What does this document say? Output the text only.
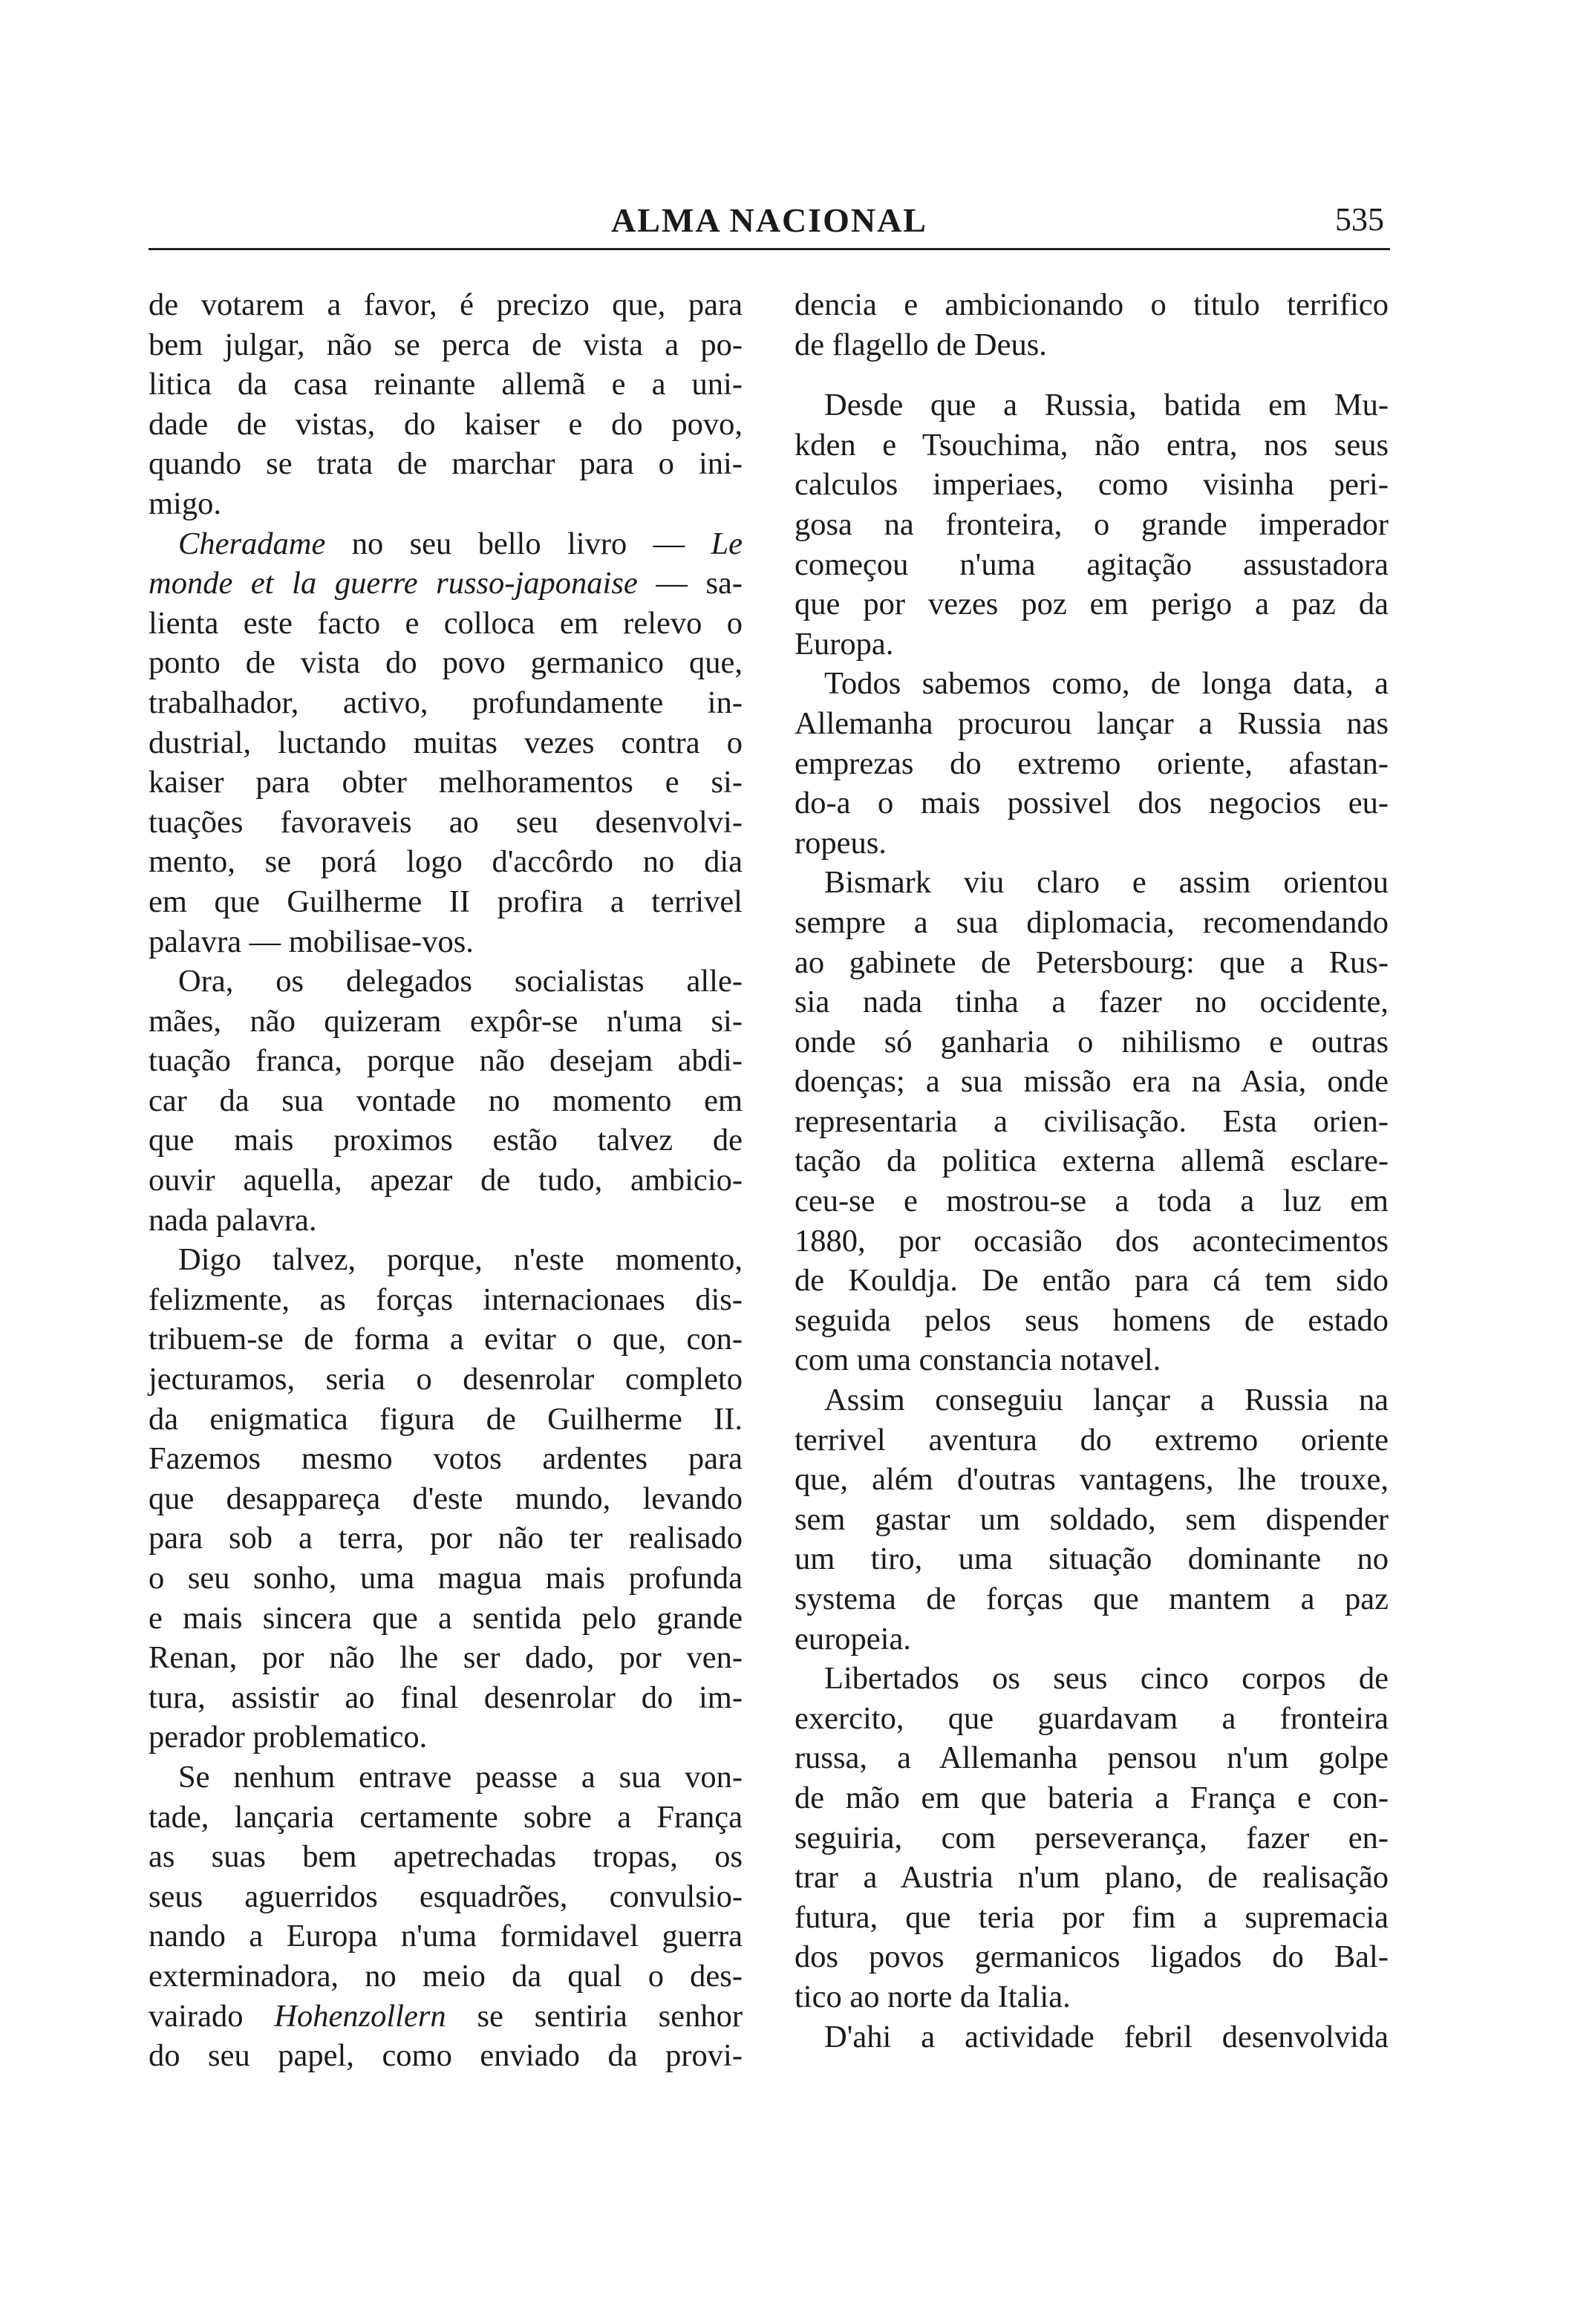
ALMA NACIONAL	535
de votarem a favor, é precizo que, para
bem julgar, não se perca de vista a po-
litica da casa reinante allemã e a uni-
dade de vistas, do kaiser e do povo,
quando se trata de marchar para o ini-
migo.
Cheradame no seu bello livro — Le
monde et la guerre russo-japonaise — sa-
lienta este facto e colloca em relevo o
ponto de vista do povo germanico que,
trabalhador, activo, profundamente in-
dustrial, luctando muitas vezes contra o
kaiser para obter melhoramentos e si-
tuações favoraveis ao seu desenvolvi-
mento, se porá logo d'accôrdo no dia
em que Guilherme II profira a terrivel
palavra — mobilisae-vos.
Ora, os delegados socialistas alle-
mães, não quizeram expôr-se n'uma si-
tuação franca, porque não desejam abdi-
car da sua vontade no momento em
que mais proximos estão talvez de
ouvir aquella, apezar de tudo, ambicio-
nada palavra.
Digo talvez, porque, n'este momento,
felizmente, as forças internacionaes dis-
tribuem-se de forma a evitar o que, con-
jecturamos, seria o desenrolar completo
da enigmatica figura de Guilherme II.
Fazemos mesmo votos ardentes para
que desappareça d'este mundo, levando
para sob a terra, por não ter realisado
o seu sonho, uma magua mais profunda
e mais sincera que a sentida pelo grande
Renan, por não lhe ser dado, por ven-
tura, assistir ao final desenrolar do im-
perador problematico.
Se nenhum entrave peasse a sua von-
tade, lançaria certamente sobre a França
as suas bem apetrechadas tropas, os
seus aguerridos esquadrões, convulsio-
nando a Europa n'uma formidavel guerra
exterminadora, no meio da qual o des-
vairado Hohenzollern se sentiria senhor
do seu papel, como enviado da provi-
dencia e ambicionando o titulo terrifico
de flagello de Deus.
Desde que a Russia, batida em Mu-
kden e Tsouchima, não entra, nos seus
calculos imperiaes, como visinha peri-
gosa na fronteira, o grande imperador
começou n'uma agitação assustadora
que por vezes poz em perigo a paz da
Europa.
Todos sabemos como, de longa data, a
Allemanha procurou lançar a Russia nas
emprezas do extremo oriente, afastan-
do-a o mais possivel dos negocios eu-
ropeus.
Bismark viu claro e assim orientou
sempre a sua diplomacia, recomendando
ao gabinete de Petersbourg: que a Rus-
sia nada tinha a fazer no occidente,
onde só ganharia o nihilismo e outras
doenças; a sua missão era na Asia, onde
representaria a civilisação. Esta orien-
tação da politica externa allemã esclare-
ceu-se e mostrou-se a toda a luz em
1880, por occasião dos acontecimentos
de Kouldja. De então para cá tem sido
seguida pelos seus homens de estado
com uma constancia notavel.
Assim conseguiu lançar a Russia na
terrivel aventura do extremo oriente
que, além d'outras vantagens, lhe trouxe,
sem gastar um soldado, sem dispender
um tiro, uma situação dominante no
systema de forças que mantem a paz
europeia.
Libertados os seus cinco corpos de
exercito, que guardavam a fronteira
russa, a Allemanha pensou n'um golpe
de mão em que bateria a França e con-
seguiria, com perseverança, fazer en-
trar a Austria n'um plano, de realisação
futura, que teria por fim a supremacia
dos povos germanicos ligados do Bal-
tico ao norte da Italia.
D'ahi a actividade febril desenvolvida
